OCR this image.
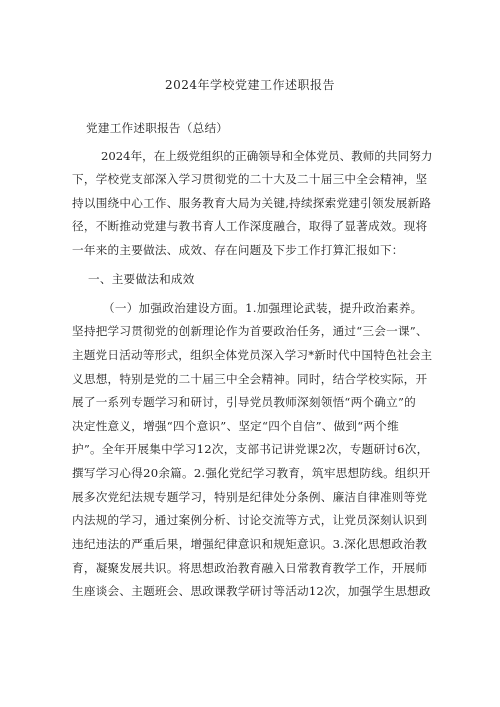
2024年学校党建工作述职报告
党建工作述职报告（总结）
2024年，在上级党组织的正确领导和全体党员、教师的共同努力
下，学校党支部深入学习贯彻党的二十大及二十届三中全会精神，坚
持以围绕中心工作、服务教育大局为关键,持续探索党建引领发展新路
径，不断推动党建与教书育人工作深度融合，取得了显著成效。现将
一年来的主要做法、成效、存在问题及下步工作打算汇报如下：
一、主要做法和成效
（一）加强政治建设方面。1.加强理论武装，提升政治素养。
坚持把学习贯彻党的创新理论作为首要政治任务，通过“三会一课”、
主题党日活动等形式，组织全体党员深入学习*新时代中国特色社会主
义思想，特别是党的二十届三中全会精神。同时，结合学校实际，开
展了一系列专题学习和研讨，引导党员教师深刻领悟“两个确立”的
决定性意义，增强“四个意识”、坚定“四个自信”、做到“两个维
护”。全年开展集中学习12次，支部书记讲党课2次，专题研讨6次，
撰写学习心得20余篇。2.强化党纪学习教育，筑牢思想防线。组织开
展多次党纪法规专题学习，特别是纪律处分条例、廉洁自律准则等党
内法规的学习，通过案例分析、讨论交流等方式，让党员深刻认识到
违纪违法的严重后果，增强纪律意识和规矩意识。3.深化思想政治教
育，凝聚发展共识。将思想政治教育融入日常教育教学工作，开展师
生座谈会、主题班会、思政课教学研讨等活动12次，加强学生思想政
